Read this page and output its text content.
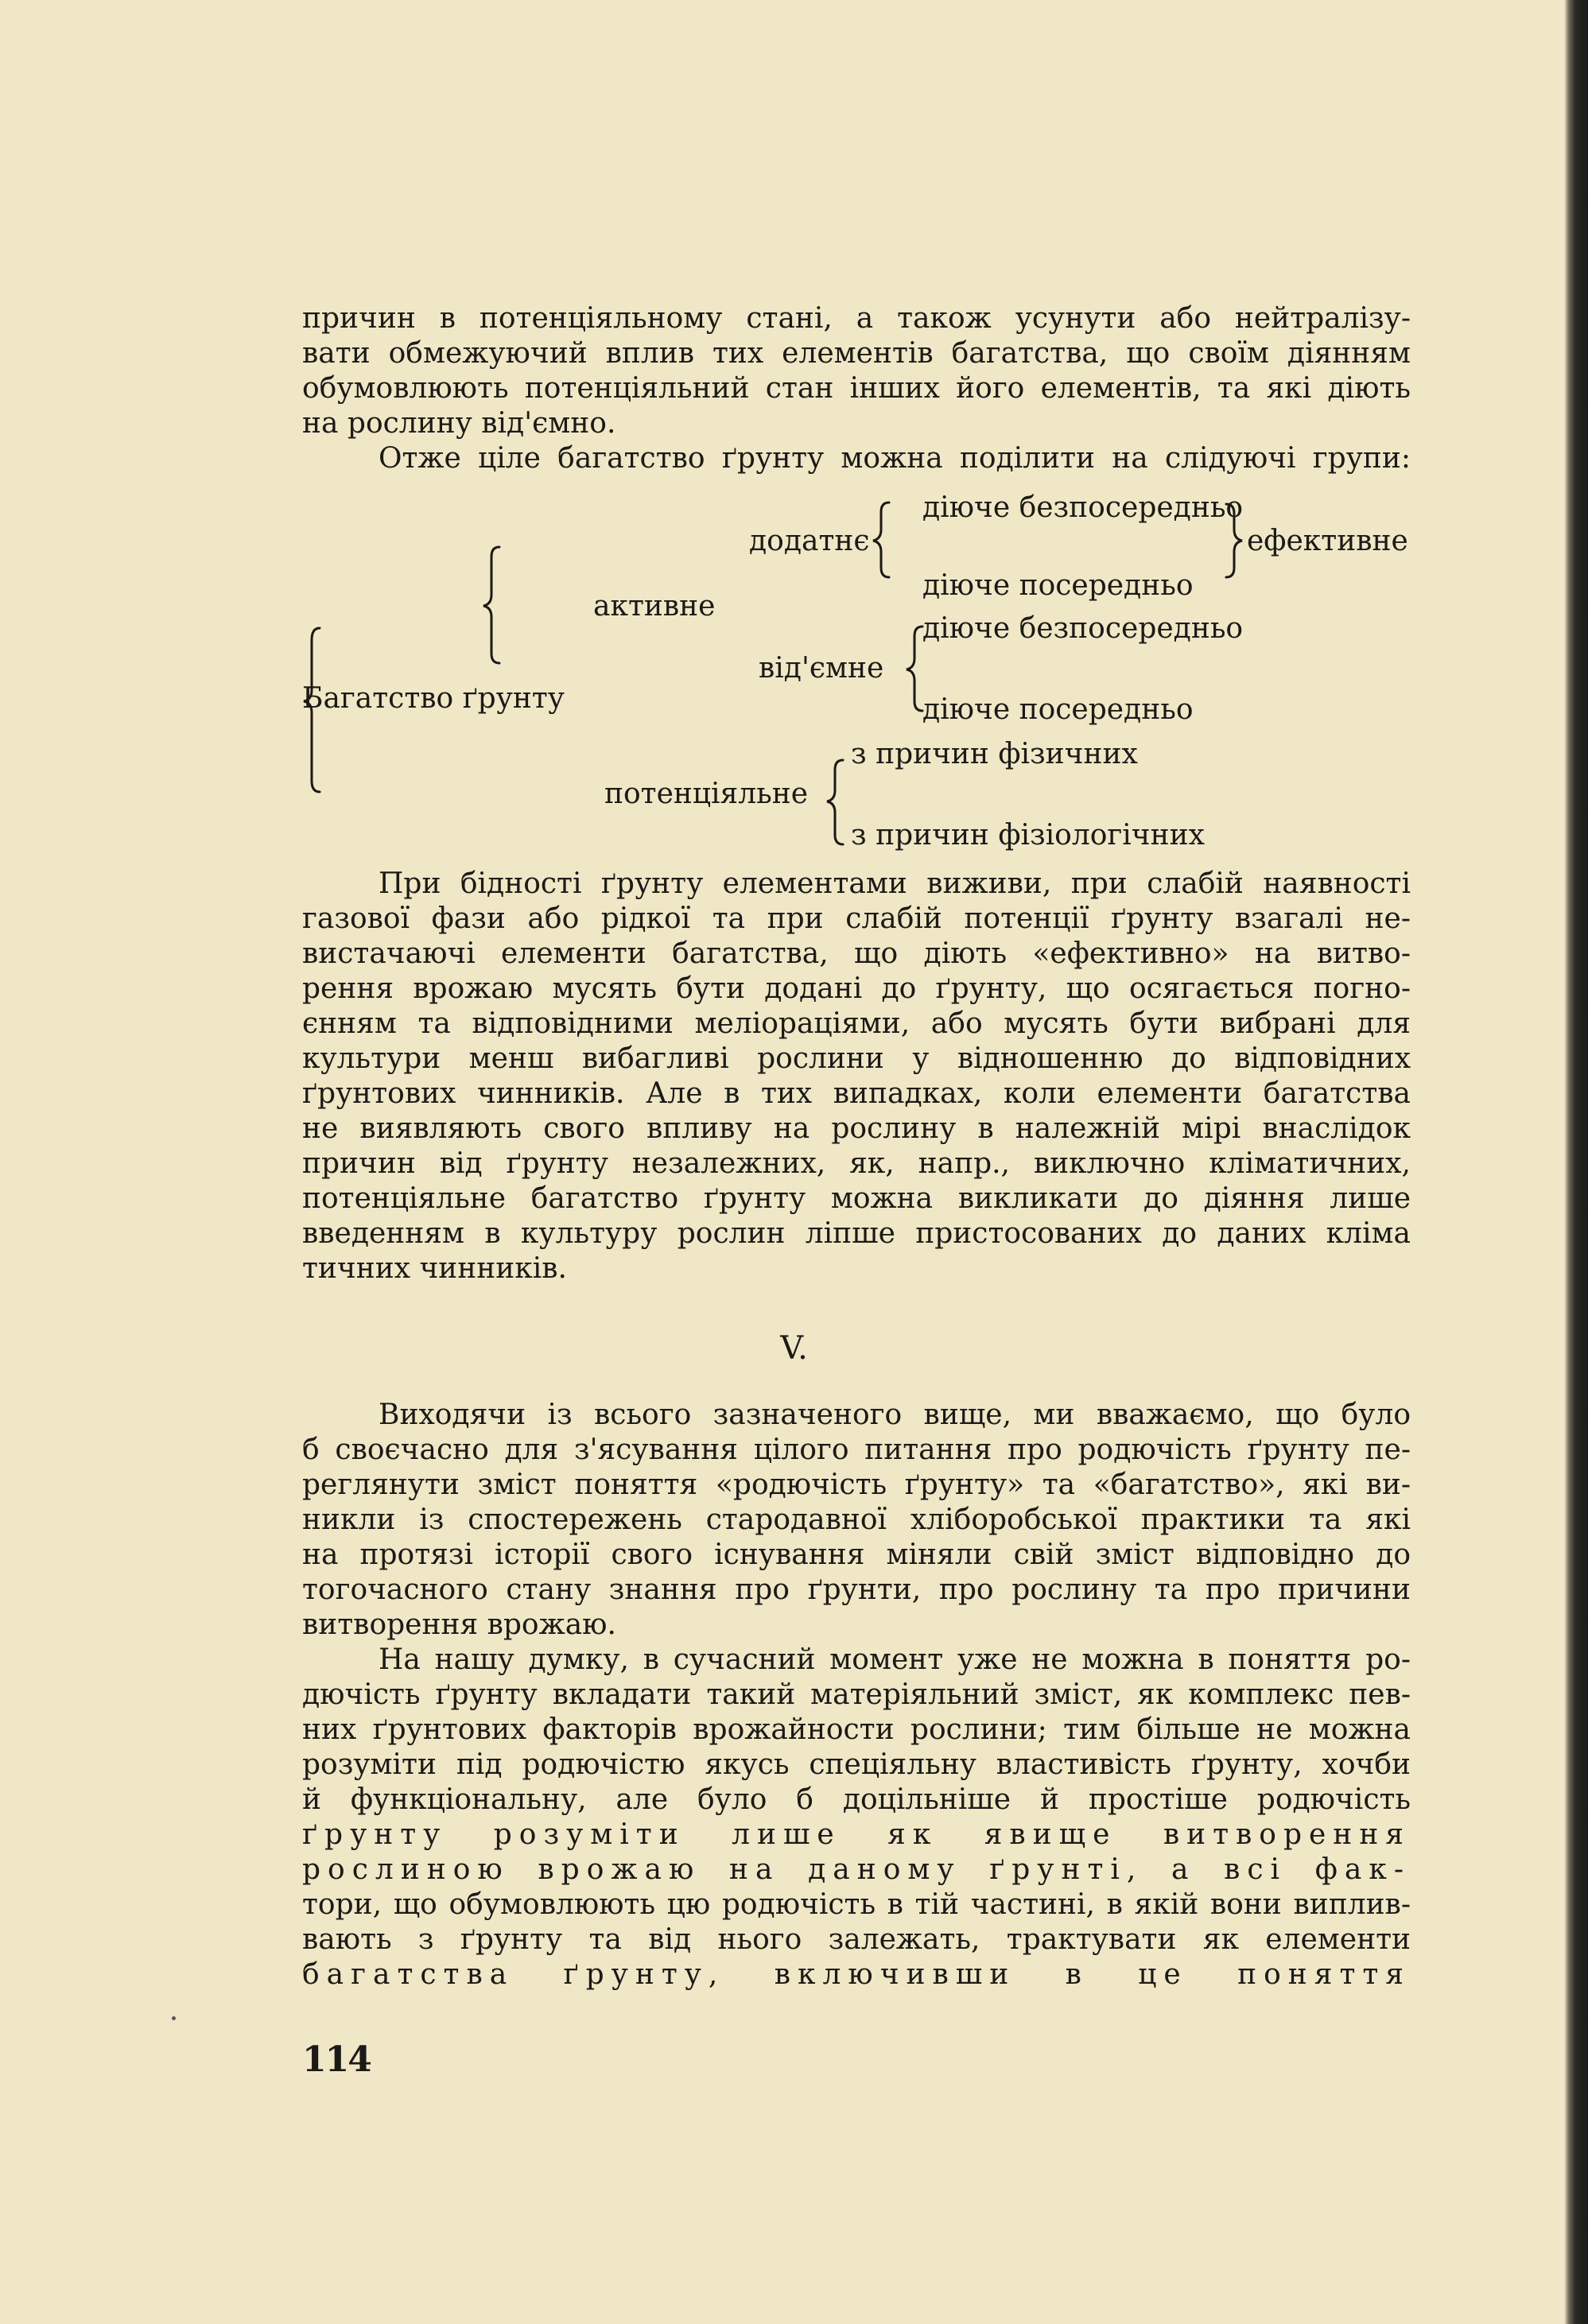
причин в потенціяльному стані, а також усунути або нейтралізу-
вати обмежуючий вплив тих елементів багатства, що своїм діянням
обумовлюють потенціяльний стан інших його елементів, та які діють
на рослину від'ємно.
Отже ціле багатство ґрунту можна поділити на слідуючі групи:
Багатство ґрунту
активне
додатнє
діюче безпосередньо
діюче посередньо
ефективне
від'ємне
діюче безпосередньо
діюче посередньо
потенціяльне
з причин фізичних
з причин фізіологічних
При бідності ґрунту елементами виживи, при слабій наявності
газової фази або рідкої та при слабій потенції ґрунту взагалі не-
вистачаючі елементи багатства, що діють «ефективно» на витво-
рення врожаю мусять бути додані до ґрунту, що осягається погно-
єнням та відповідними меліораціями, або мусять бути вибрані для
культури менш вибагливі рослини у відношенню до відповідних
ґрунтових чинників. Але в тих випадках, коли елементи багатства
не виявляють свого впливу на рослину в належній мірі внаслідок
причин від ґрунту незалежних, як, напр., виключно кліматичних,
потенціяльне багатство ґрунту можна викликати до діяння лише
введенням в культуру рослин ліпше пристосованих до даних кліма
тичних чинників.
V.
Виходячи із всього зазначеного вище, ми вважаємо, що було
б своєчасно для з'ясування цілого питання про родючість ґрунту пе-
реглянути зміст поняття «родючість ґрунту» та «багатство», які ви-
никли із спостережень стародавної хліборобської практики та які
на протязі історії свого існування міняли свій зміст відповідно до
тогочасного стану знання про ґрунти, про рослину та про причини
витворення врожаю.
На нашу думку, в сучасний момент уже не можна в поняття ро-
дючість ґрунту вкладати такий матеріяльний зміст, як комплекс пев-
них ґрунтових факторів врожайности рослини; тим більше не можна
розуміти під родючістю якусь спеціяльну властивість ґрунту, хочби
й функціональну, але було б доцільніше й простіше родючість
ґрунту розуміти лише як явище витворення
рослиною врожаю на даному ґрунті, а всі фак-
тори, що обумовлюють цю родючість в тій частині, в якій вони виплив-
вають з ґрунту та від нього залежать, трактувати як елементи
багатства ґрунту, включивши в це поняття
114
